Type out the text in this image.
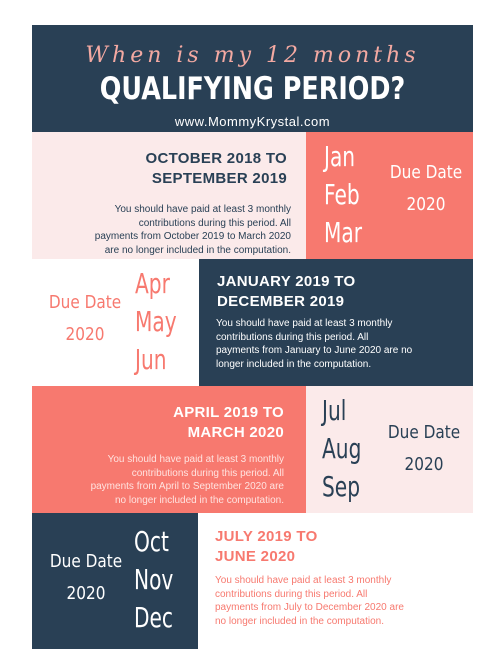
When is my 12 months
QUALIFYING PERIOD?
www.MommyKrystal.com
OCTOBER 2018 TO
SEPTEMBER 2019
You should have paid at least 3 monthly
contributions during this period. All
payments from October 2019 to March 2020
are no longer included in the computation.
Jan
Feb
Mar
Due Date
2020
Due Date
2020
Apr
May
Jun
JANUARY 2019 TO
DECEMBER 2019
You should have paid at least 3 monthly
contributions during this period. All
payments from January to June 2020 are no
longer included in the computation.
APRIL 2019 TO
MARCH 2020
You should have paid at least 3 monthly
contributions during this period. All
payments from April to September 2020 are
no longer included in the computation.
Jul
Aug
Sep
Due Date
2020
Due Date
2020
Oct
Nov
Dec
JULY 2019 TO
JUNE 2020
You should have paid at least 3 monthly
contributions during this period. All
payments from July to December 2020 are
no longer included in the computation.
